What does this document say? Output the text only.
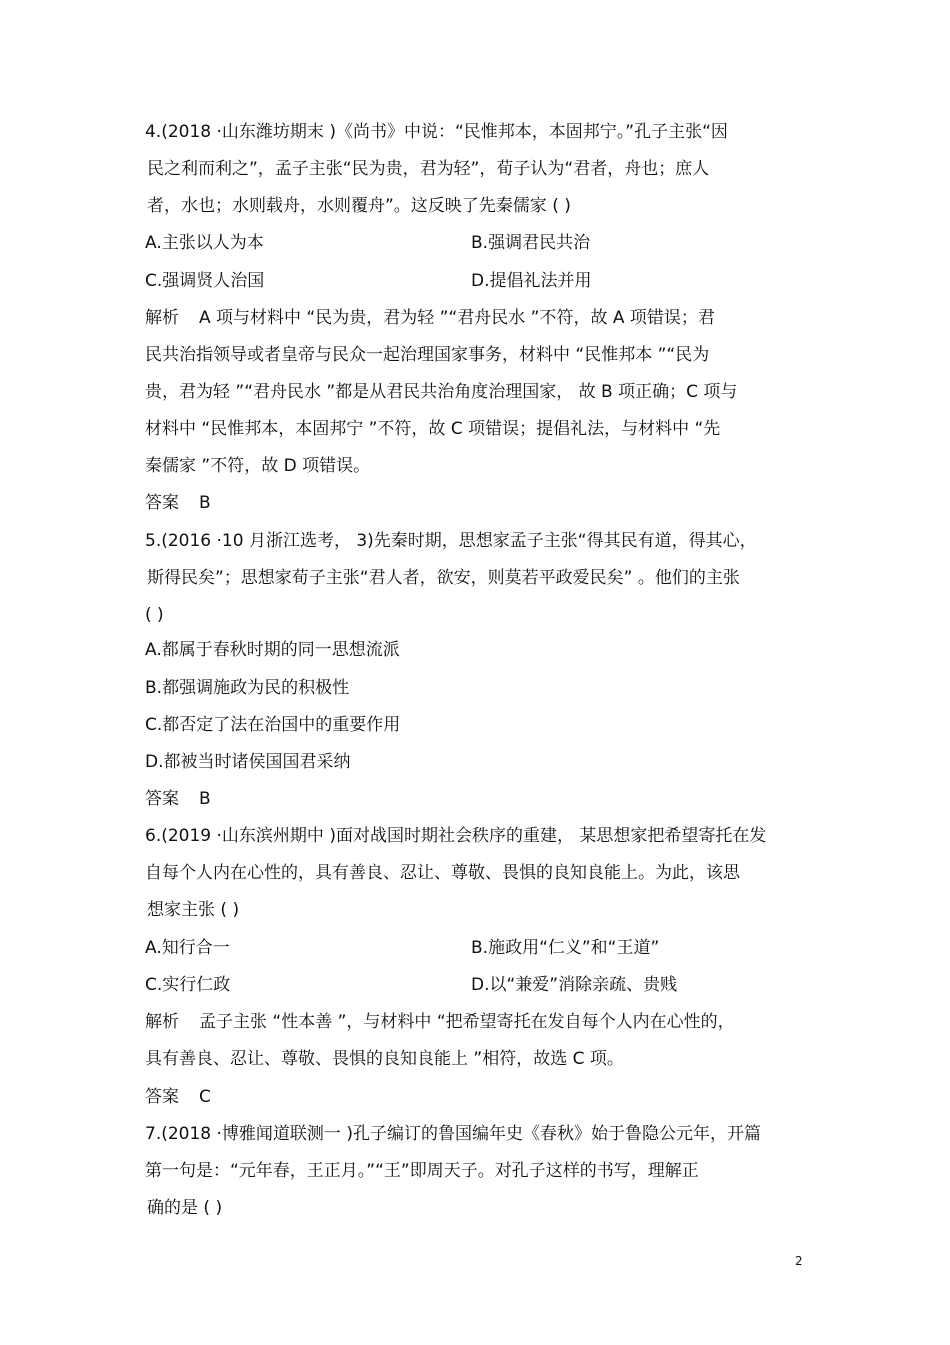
4.(2018 ·山东潍坊期末 )《尚书》中说：“民惟邦本，本固邦宁。”孔子主张“因
民之利而利之”，孟子主张“民为贵，君为轻”，荀子认为“君者，舟也；庶人
者，水也；水则载舟，水则覆舟”。这反映了先秦儒家 ( )
A.主张以人为本	B.强调君民共治
C.强调贤人治国	D.提倡礼法并用
解析 A 项与材料中 “民为贵，君为轻 ”“君舟民水 ”不符，故 A 项错误；君
民共治指领导或者皇帝与民众一起治理国家事务，材料中 “民惟邦本 ”“民为
贵，君为轻 ”“君舟民水 ”都是从君民共治角度治理国家， 故 B 项正确；C 项与
材料中 “民惟邦本，本固邦宁 ”不符，故 C 项错误；提倡礼法，与材料中 “先
秦儒家 ”不符，故 D 项错误。
答案 B
5.(2016 ·10 月浙江选考， 3)先秦时期，思想家孟子主张“得其民有道，得其心，
斯得民矣”；思想家荀子主张“君人者，欲安，则莫若平政爱民矣” 。他们的主张
( )
A.都属于春秋时期的同一思想流派
B.都强调施政为民的积极性
C.都否定了法在治国中的重要作用
D.都被当时诸侯国国君采纳
答案 B
6.(2019 ·山东滨州期中 )面对战国时期社会秩序的重建， 某思想家把希望寄托在发
自每个人内在心性的，具有善良、忍让、尊敬、畏惧的良知良能上。为此，该思
想家主张 ( )
A.知行合一	B.施政用“仁义”和“王道”
C.实行仁政	D.以“兼爱”消除亲疏、贵贱
解析 孟子主张 “性本善 ”，与材料中 “把希望寄托在发自每个人内在心性的，
具有善良、忍让、尊敬、畏惧的良知良能上 ”相符，故选 C 项。
答案 C
7.(2018 ·博雅闻道联测一 )孔子编订的鲁国编年史《春秋》始于鲁隐公元年，开篇
第一句是：“元年春，王正月。”“王”即周天子。对孔子这样的书写，理解正
确的是 ( )
2
